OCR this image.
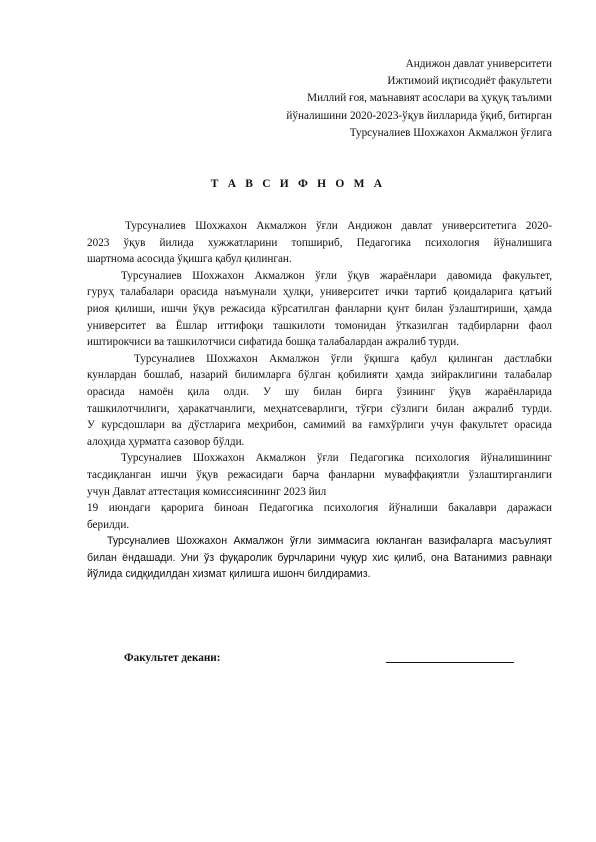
Андижон давлат университети
Ижтимоий иқтисодиёт факультети
Миллий ғоя, маънавият асослари ва ҳуқуқ таълими
йўналишини 2020-2023-ўқув йилларида ўқиб, битирган
Турсуналиев Шохжахон Акмалжон ўғлига
Т А В С И Ф Н О М А
Турсуналиев Шохжахон Акмалжон ўғли Андижон давлат университетига 2020-
2023 ўқув йилида хужжатларини топшириб, Педагогика психология йўналишига
шартнома асосида ўқишга қабул қилинган.
Турсуналиев Шохжахон Акмалжон ўғли ўқув жараёнлари давомида факультет,
гуруҳ талабалари орасида наъмунали ҳулқи, университет ички тартиб қоидаларига қатъий
риоя қилиши, ишчи ўқув режасида кўрсатилган фанларни қунт билан ўзлаштириши, ҳамда
университет ва Ёшлар иттифоқи ташкилоти томонидан ўтказилган тадбирларни фаол
иштирокчиси ва ташкилотчиси сифатида бошқа талабалардан ажралиб турди.
Турсуналиев Шохжахон Акмалжон ўғли ўқишга қабул қилинган дастлабки
кунлардан бошлаб, назарий билимларга бўлган қобилияти ҳамда зийраклигини талабалар
орасида намоён қила олди. У шу билан бирга ўзининг ўқув жараёнларида
ташкилотчилиги, ҳаракатчанлиги, меҳнатсеварлиги, тўғри сўзлиги билан ажралиб турди.
У курсдошлари ва дўстларига меҳрибон, самимий ва ғамхўрлиги учун факультет орасида
алоҳида ҳурматга сазовор бўлди.
Турсуналиев Шохжахон Акмалжон ўғли Педагогика психология йўналишининг
тасдиқланган ишчи ўқув режасидаги барча фанларни муваффақиятли ўзлаштирганлиги
учун Давлат аттестация комиссиясининг 2023 йил
19 июндаги қарорига биноан Педагогика психология йўналиши бакалаври даражаси
берилди.
Турсуналиев Шохжахон Акмалжон ўғли зиммасига юкланган вазифаларга масъулият
билан ёндашади. Уни ўз фуқаролик бурчларини чуқур хис қилиб, она Ватанимиз равнақи
йўлида сидқидилдан хизмат қилишга ишонч билдирамиз.
Факультет декани:
